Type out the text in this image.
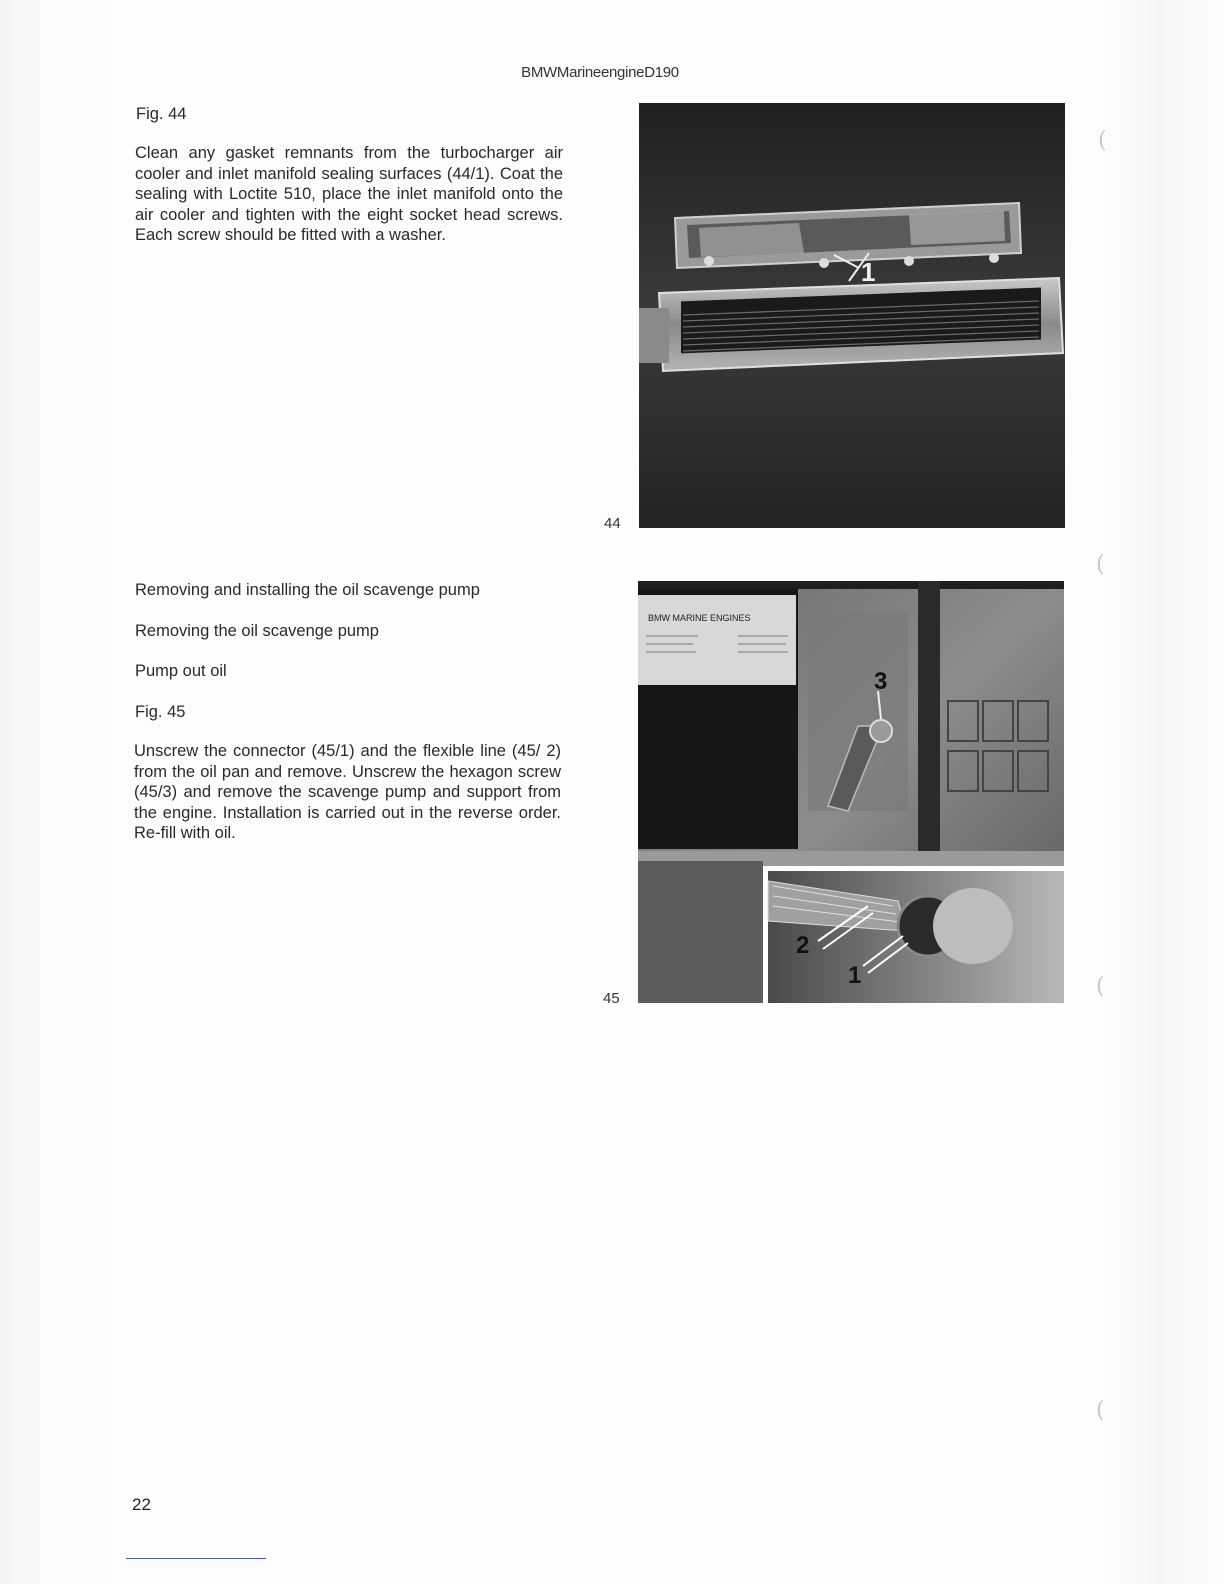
BMWMarineengineD190
Fig. 44
Clean any gasket remnants from the turbocharger air cooler and inlet manifold sealing surfaces (44/1). Coat the sealing with Loctite 510, place the inlet manifold onto the air cooler and tighten with the eight socket head screws. Each screw should be fitted with a washer.
1
44
Removing and installing the oil scavenge pump
Removing the oil scavenge pump
Pump out oil
Fig. 45
Unscrew the connector (45/1) and the flexible line (45/ 2) from the oil pan and remove. Unscrew the hexagon screw (45/3) and remove the scavenge pump and support from the engine. Installation is carried out in the reverse order. Re-fill with oil.
BMW MARINE ENGINES
3
2
1
45
(
(
(
(
22
